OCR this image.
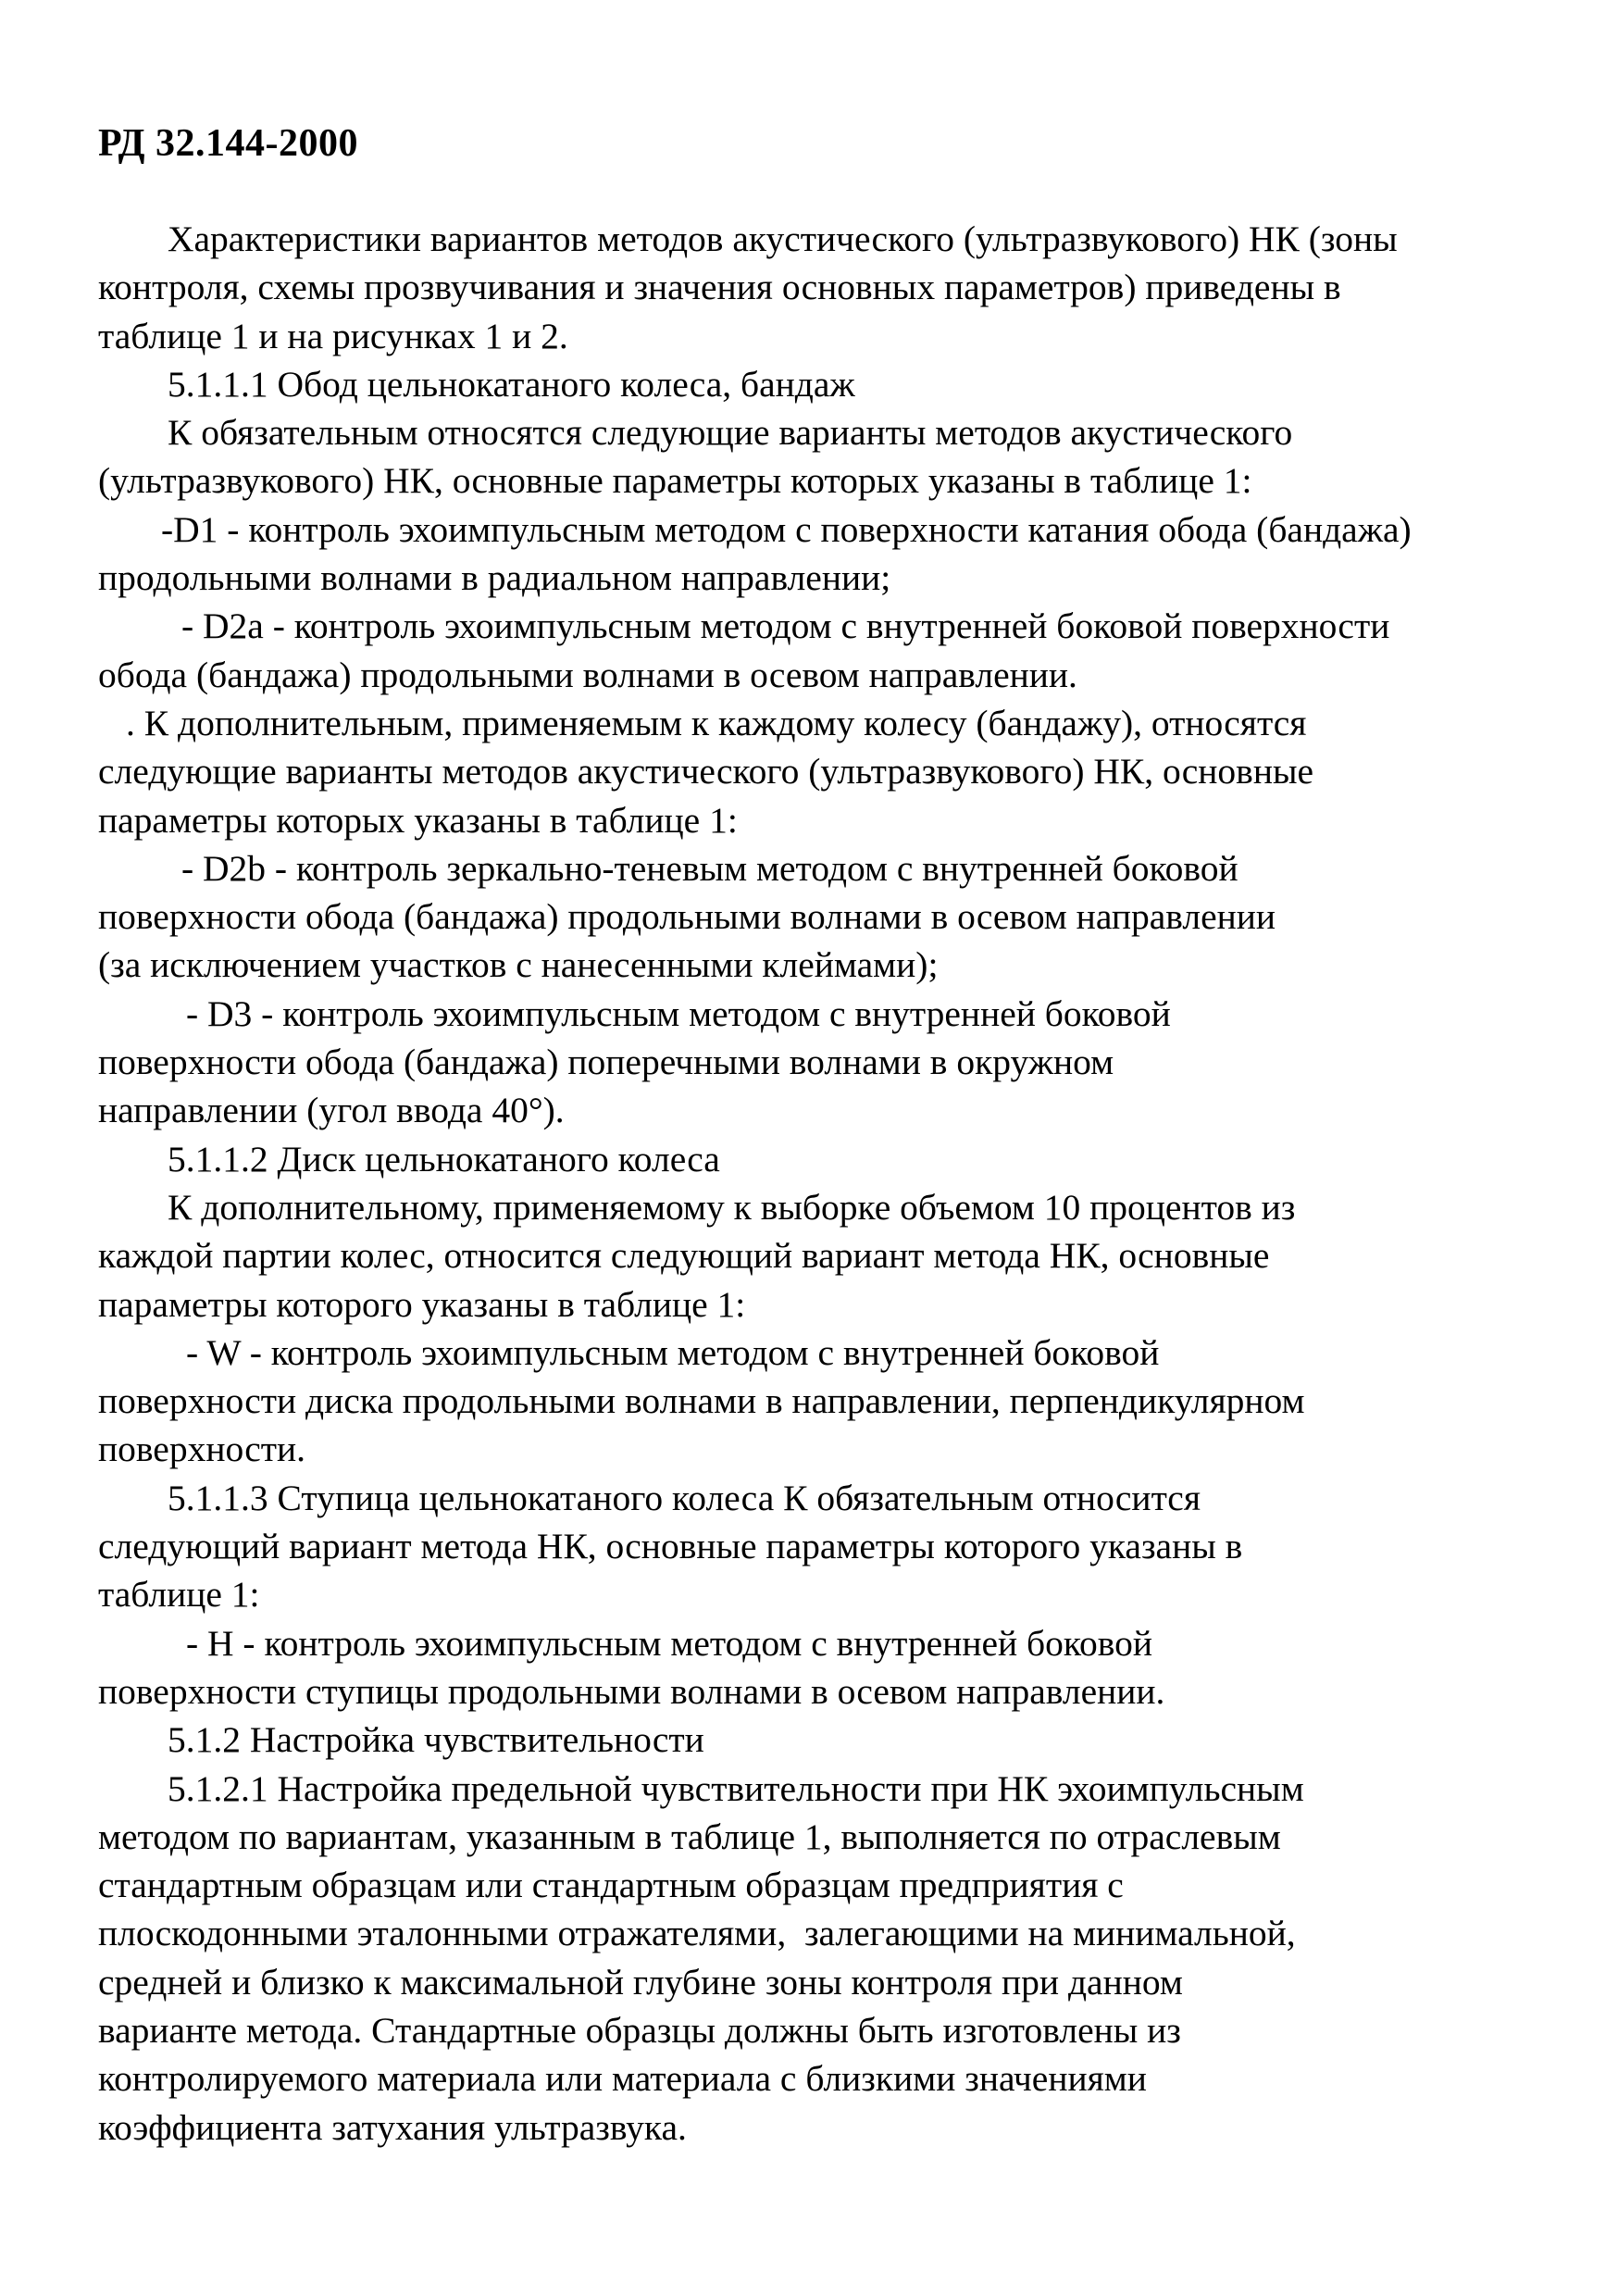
РД 32.144-2000
Характеристики вариантов методов акустического (ультразвукового) НК (зоны
контроля, схемы прозвучивания и значения основных параметров) приведены в
таблице 1 и на рисунках 1 и 2.
5.1.1.1 Обод цельнокатаного колеса, бандаж
К обязательным относятся следующие варианты методов акустического
(ультразвукового) НК, основные параметры которых указаны в таблице 1:
-D1 - контроль эхоимпульсным методом с поверхности катания обода (бандажа)
продольными волнами в радиальном направлении;
- D2a - контроль эхоимпульсным методом с внутренней боковой поверхности
обода (бандажа) продольными волнами в осевом направлении.
. К дополнительным, применяемым к каждому колесу (бандажу), относятся
следующие варианты методов акустического (ультразвукового) НК, основные
параметры которых указаны в таблице 1:
- D2b - контроль зеркально-теневым методом с внутренней боковой
поверхности обода (бандажа) продольными волнами в осевом направлении
(за исключением участков с нанесенными клеймами);
- D3 - контроль эхоимпульсным методом с внутренней боковой
поверхности обода (бандажа) поперечными волнами в окружном
направлении (угол ввода 40°).
5.1.1.2 Диск цельнокатаного колеса
К дополнительному, применяемому к выборке объемом 10 процентов из
каждой партии колес, относится следующий вариант метода НК, основные
параметры которого указаны в таблице 1:
- W - контроль эхоимпульсным методом с внутренней боковой
поверхности диска продольными волнами в направлении, перпендикулярном
поверхности.
5.1.1.3 Ступица цельнокатаного колеса К обязательным относится
следующий вариант метода НК, основные параметры которого указаны в
таблице 1:
- H - контроль эхоимпульсным методом с внутренней боковой
поверхности ступицы продольными волнами в осевом направлении.
5.1.2 Настройка чувствительности
5.1.2.1 Настройка предельной чувствительности при НК эхоимпульсным
методом по вариантам, указанным в таблице 1, выполняется по отраслевым
стандартным образцам или стандартным образцам предприятия с
плоскодонными эталонными отражателями,  залегающими на минимальной,
средней и близко к максимальной глубине зоны контроля при данном
варианте метода. Стандартные образцы должны быть изготовлены из
контролируемого материала или материала с близкими значениями
коэффициента затухания ультразвука.
